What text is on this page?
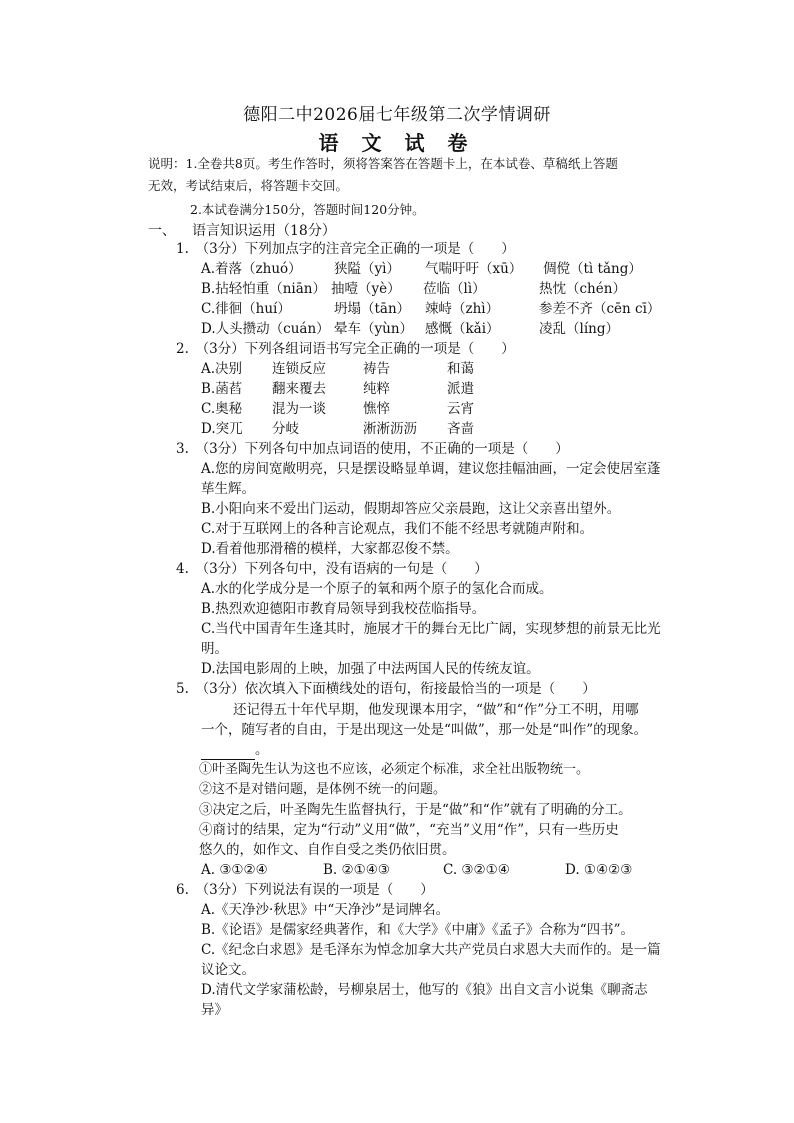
德阳二中2026届七年级第二次学情调研
语 文 试 卷
说明：1.全卷共8页。考生作答时，须将答案答在答题卡上，在本试卷、草稿纸上答题
无效，考试结束后，将答题卡交回。
2.本试卷满分150分，答题时间120分钟。
一、 语言知识运用（18分）
1.　（3分）下列加点字的注音完全正确的一项是（　　）
A.着落（zhuó） 狭隘（yì） 气喘吁吁（xū） 倜傥（tì tǎng）
B.拈轻怕重（niān） 抽噎（yè） 莅临（lì）	热忱（chén）
C.徘徊（huí）	坍塌（tān） 竦峙（zhì）	参差不齐（cēn cī）
D.人头攒动（cuán） 晕车（yùn） 感慨（kǎi）	凌乱（líng）
2.　（3分）下列各组词语书写完全正确的一项是（　　）
A.决别 连锁反应	祷告	和蔼
B.菡萏 翻来覆去	纯粹	派遣
C.奥秘 混为一谈	憔悴	云宵
D.突兀 分岐	淅淅沥沥 吝啬
3.　（3分）下列各句中加点词语的使用，不正确的一项是（　　）
A.您的房间宽敞明亮，只是摆设略显单调，建议您挂幅油画，一定会使居室蓬
荜生辉。
B.小阳向来不爱出门运动，假期却答应父亲晨跑，这让父亲喜出望外。
C.对于互联网上的各种言论观点，我们不能不经思考就随声附和。
D.看着他那滑稽的模样，大家都忍俊不禁。
4.　（3分）下列各句中，没有语病的一句是（　　）
A.水的化学成分是一个原子的氧和两个原子的氢化合而成。
B.热烈欢迎德阳市教育局领导到我校莅临指导。
C.当代中国青年生逢其时，施展才干的舞台无比广阔，实现梦想的前景无比光
明。
D.法国电影周的上映，加强了中法两国人民的传统友谊。
5.　（3分）依次填入下面横线处的语句，衔接最恰当的一项是（　　）
还记得五十年代早期，他发现课本用字，“做”和“作”分工不明，用哪
一个，随写者的自由，于是出现这一处是“叫做”，那一处是“叫作”的现象。
。
①叶圣陶先生认为这也不应该，必须定个标准，求全社出版物统一。
②这不是对错问题，是体例不统一的问题。
③决定之后，叶圣陶先生监督执行，于是“做”和“作”就有了明确的分工。
④商讨的结果，定为“行动”义用“做”，“充当”义用“作”，只有一些历史
悠久的，如作文、自作自受之类仍依旧贯。
A. ③①②④	B. ②①④③	C. ③②①④	D. ①④②③
6.　（3分）下列说法有误的一项是（　　）
A.《天净沙·秋思》中“天净沙”是词牌名。
B.《论语》是儒家经典著作，和《大学》《中庸》《孟子》合称为“四书”。
C.《纪念白求恩》是毛泽东为悼念加拿大共产党员白求恩大夫而作的。是一篇
议论文。
D.清代文学家蒲松龄，号柳泉居士，他写的《狼》出自文言小说集《聊斋志
异》
